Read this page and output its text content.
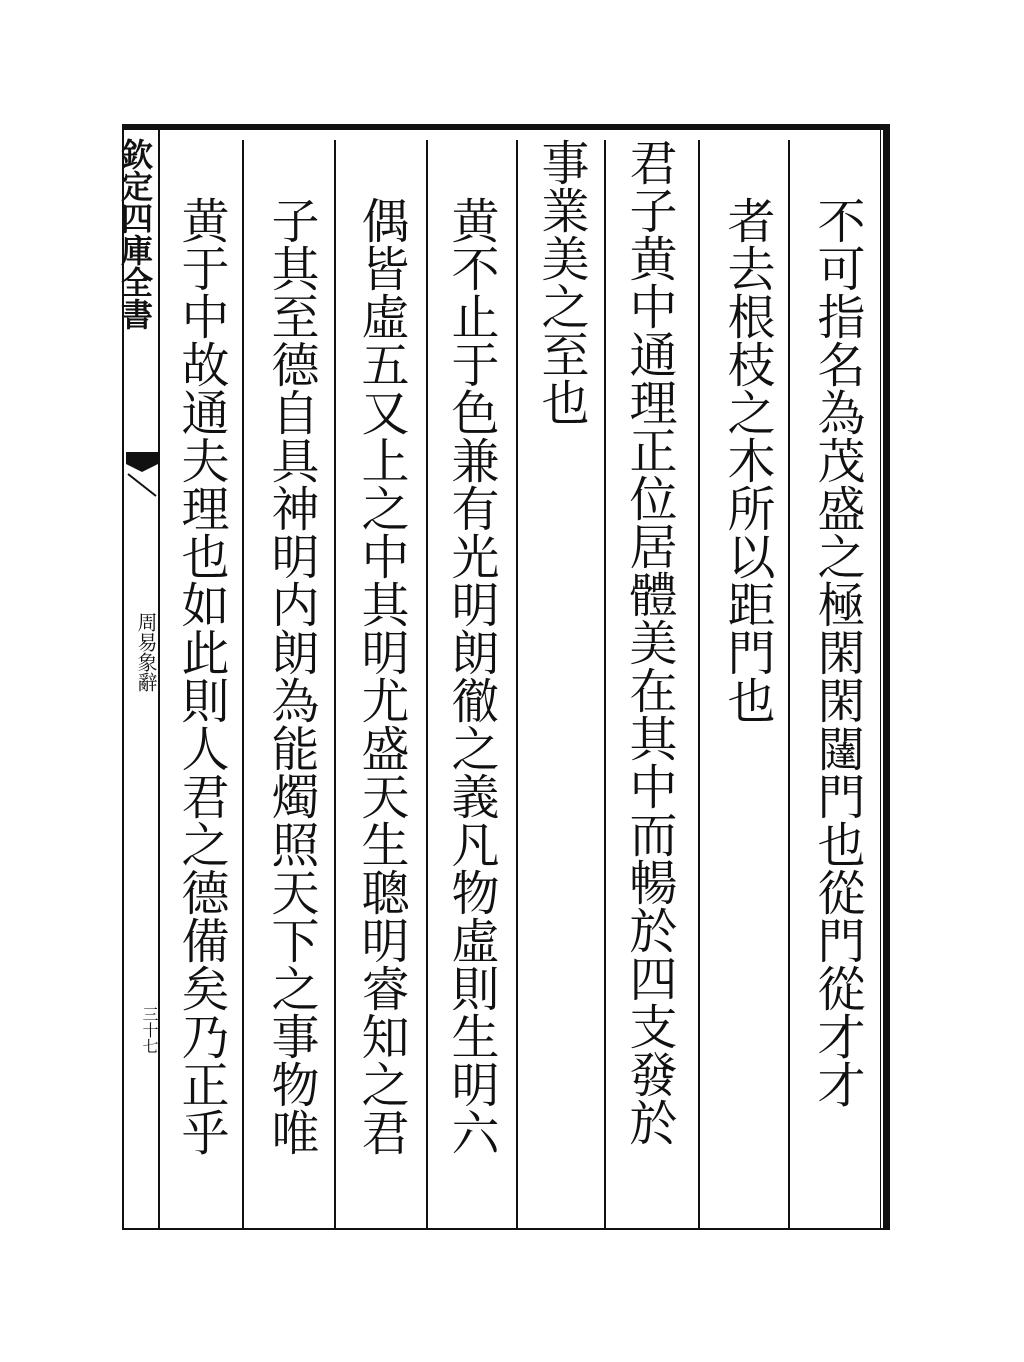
欽定四庫全書
周易象辭
三十七	不可指名為茂盛之極閑閑闥門也從門從才才
者去根枝之木所以距門也
君子黄中通理正位居體美在其中而暢於四支發於
事業美之至也
黄不止于色兼有光明朗徹之義凡物虛則生明六
偶皆虛五又上之中其明尤盛天生聰明睿知之君
子其至德自具神明内朗為能燭照天下之事物唯
黄于中故通夫理也如此則人君之德備矣乃正乎
